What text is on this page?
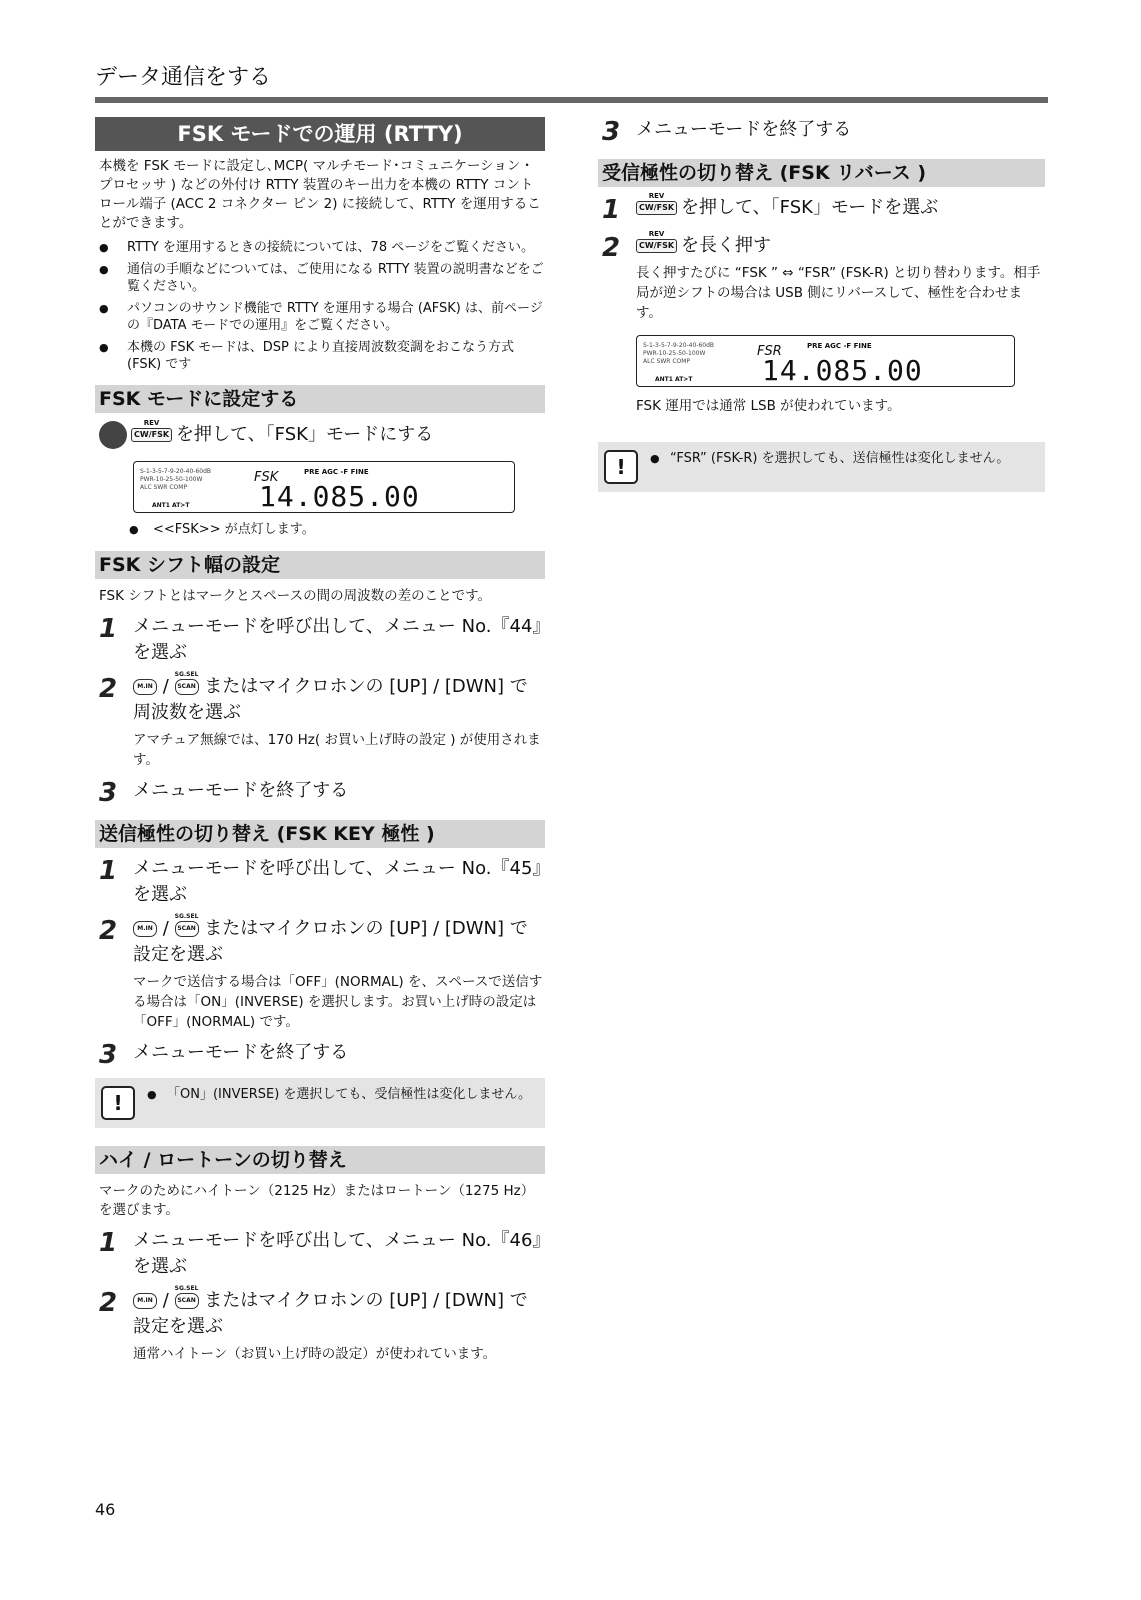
データ通信をする
FSK モードでの運用 (RTTY)

本機を FSK モードに設定し､MCP( マルチモード･コミュニケーション・プロセッサ ) などの外付け RTTY 装置のキー出力を本機の RTTY コントロール端子 (ACC 2 コネクター ピン 2) に接続して、RTTY を運用することができます。

● RTTY を運用するときの接続については、78 ページをご覧ください。
● 通信の手順などについては、ご使用になる RTTY 装置の説明書などをご覧ください。
● パソコンのサウンド機能で RTTY を運用する場合 (AFSK) は、前ページの『DATA モードでの運用』をご覧ください。
● 本機の FSK モードは、DSP により直接周波数変調をおこなう方式 (FSK) です
FSK モードに設定する
REV
CW/FSK を押して、「FSK」モードにする
S-1-3-5-7-9-20-40-60dB
PWR-10-25-50-100W
ALC SWR COMP
FSK	PRE AGC -F FINE
14.085.00
ANT1 AT>T
● <<FSK>> が点灯します。
FSK シフト幅の設定

FSK シフトとはマークとスペースの間の周波数の差のことです。

1 メニューモードを呼び出して、メニュー No.『44』を選ぶ
2	M.IN /
SG.SEL
SCAN またはマイクロホンの [UP] / [DWN] で周波数を選ぶ
アマチュア無線では、170 Hz( お買い上げ時の設定 ) が使用されます。
3 メニューモードを終了する
送信極性の切り替え (FSK KEY 極性 )
1 メニューモードを呼び出して、メニュー No.『45』を選ぶ
2	M.IN /
SG.SEL
SCAN またはマイクロホンの [UP] / [DWN] で設定を選ぶ
マークで送信する場合は「OFF」(NORMAL) を、スペースで送信する場合は「ON」(INVERSE) を選択します。お買い上げ時の設定は「OFF」(NORMAL) です。
3 メニューモードを終了する
!	● 「ON」(INVERSE) を選択しても、受信極性は変化しません。
ハイ / ロートーンの切り替え

マークのためにハイトーン（2125 Hz）またはロートーン（1275 Hz）を選びます。

1 メニューモードを呼び出して、メニュー No.『46』を選ぶ
2	M.IN /
SG.SEL
SCAN またはマイクロホンの [UP] / [DWN] で設定を選ぶ
通常ハイトーン（お買い上げ時の設定）が使われています。
3 メニューモードを終了する
受信極性の切り替え (FSK リバース )
1	REV
CW/FSK を押して、「FSK」モードを選ぶ
2	REV
CW/FSK を長く押す
長く押すたびに “FSK ” ⇔ “FSR” (FSK-R) と切り替わります。相手局が逆シフトの場合は USB 側にリバースして、極性を合わせます。
S-1-3-5-7-9-20-40-60dB
PWR-10-25-50-100W
ALC SWR COMP
FSR	PRE AGC -F FINE
14.085.00
ANT1 AT>T

FSK 運用では通常 LSB が使われています。

!	● “FSR” (FSK-R) を選択しても、送信極性は変化しません。
46
